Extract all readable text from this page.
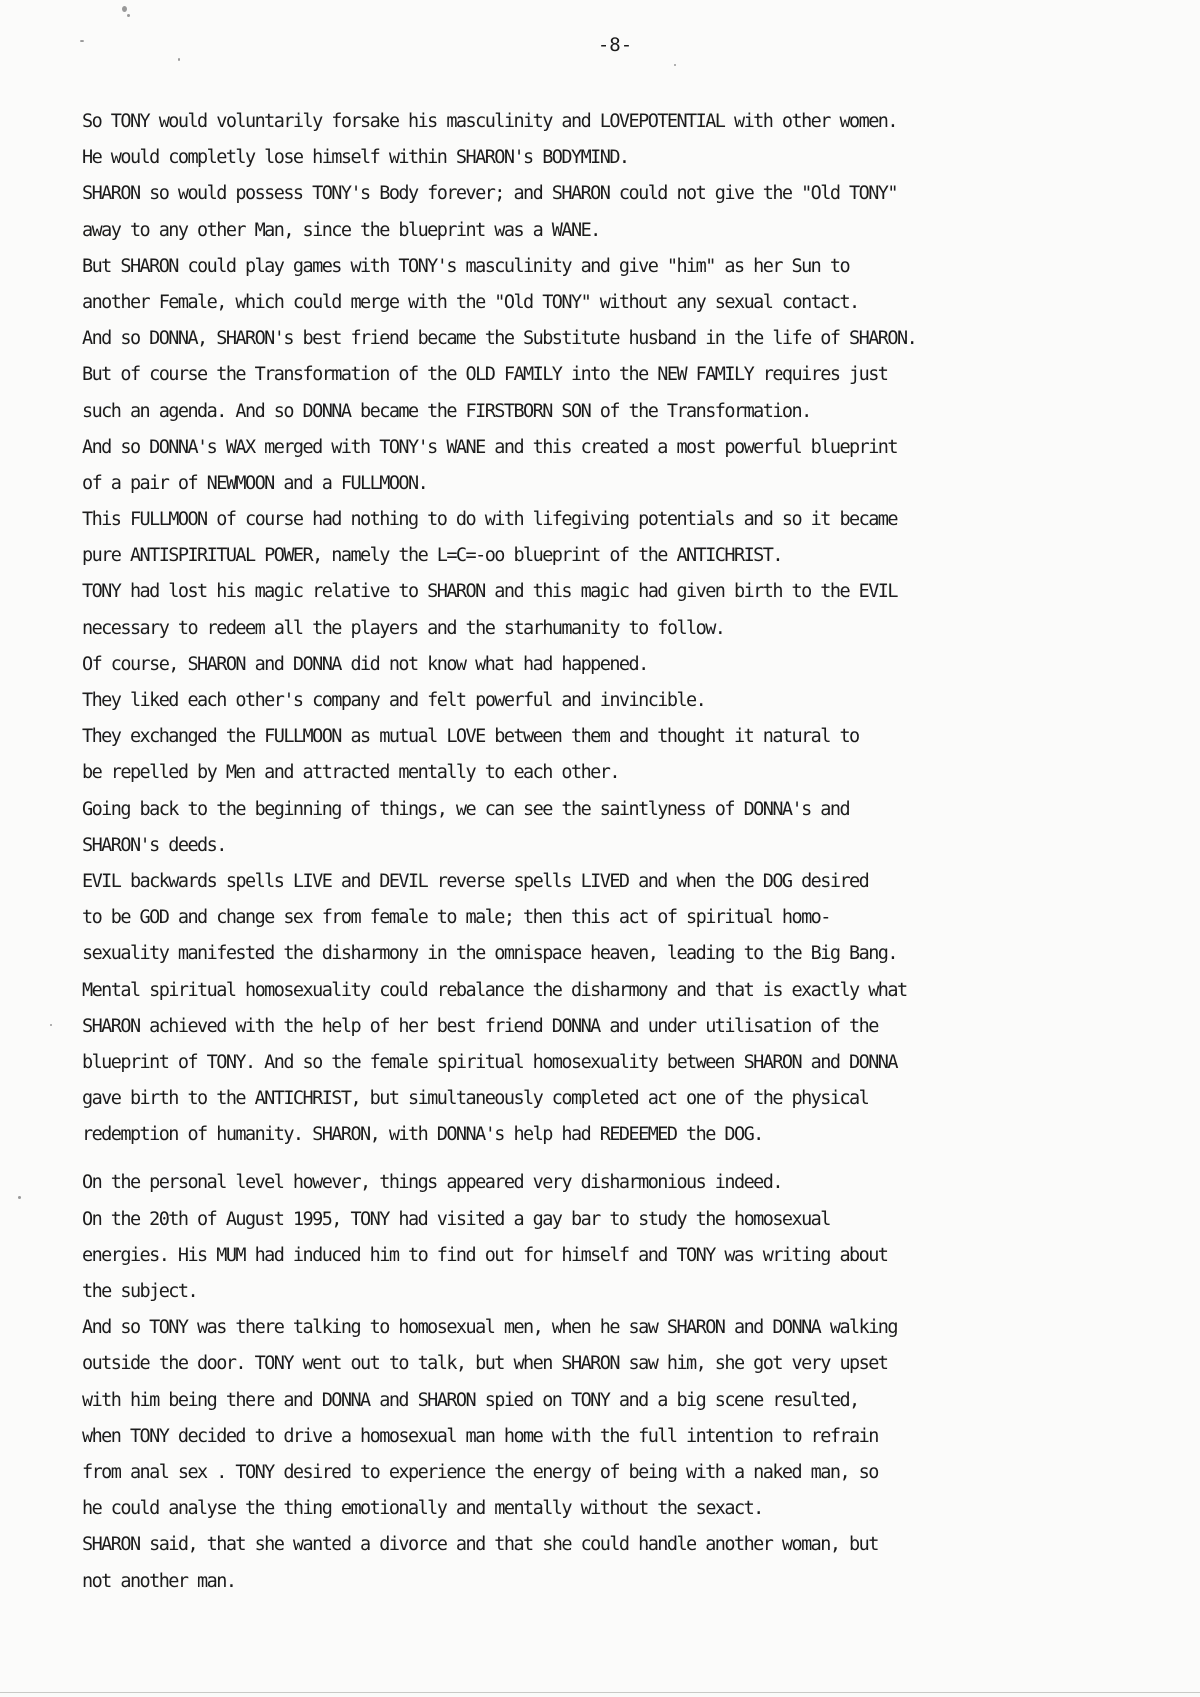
-8-
So TONY would voluntarily forsake his masculinity and LOVEPOTENTIAL with other women.
He would completly lose himself within SHARON's BODYMIND.
SHARON so would possess TONY's Body forever; and SHARON could not give the "Old TONY"
away to any other Man, since the blueprint was a WANE.
But SHARON could play games with TONY's masculinity and give "him" as her Sun to
another Female, which could merge with the "Old TONY" without any sexual contact.
And so DONNA, SHARON's best friend became the Substitute husband in the life of SHARON.
But of course the Transformation of the OLD FAMILY into the NEW FAMILY requires just
such an agenda. And so DONNA became the FIRSTBORN SON of the Transformation.
And so DONNA's WAX merged with TONY's WANE and this created a most powerful blueprint
of a pair of NEWMOON and a FULLMOON.
This FULLMOON of course had nothing to do with lifegiving potentials and so it became
pure ANTISPIRITUAL POWER, namely the L=C=-oo blueprint of the ANTICHRIST.
TONY had lost his magic relative to SHARON and this magic had given birth to the EVIL
necessary to redeem all the players and the starhumanity to follow.
Of course, SHARON and DONNA did not know what had happened.
They liked each other's company and felt powerful and invincible.
They exchanged the FULLMOON as mutual LOVE between them and thought it natural to
be repelled by Men and attracted mentally to each other.
Going back to the beginning of things, we can see the saintlyness of DONNA's and
SHARON's deeds.
EVIL backwards spells LIVE and DEVIL reverse spells LIVED and when the DOG desired
to be GOD and change sex from female to male; then this act of spiritual homo-
sexuality manifested the disharmony in the omnispace heaven, leading to the Big Bang.
Mental spiritual homosexuality could rebalance the disharmony and that is exactly what
SHARON achieved with the help of her best friend DONNA and under utilisation of the
blueprint of TONY. And so the female spiritual homosexuality between SHARON and DONNA
gave birth to the ANTICHRIST, but simultaneously completed act one of the physical
redemption of humanity. SHARON, with DONNA's help had REDEEMED the DOG.
On the personal level however, things appeared very disharmonious indeed.
On the 20th of August 1995, TONY had visited a gay bar to study the homosexual
energies. His MUM had induced him to find out for himself and TONY was writing about
the subject.
And so TONY was there talking to homosexual men, when he saw SHARON and DONNA walking
outside the door. TONY went out to talk, but when SHARON saw him, she got very upset
with him being there and DONNA and SHARON spied on TONY and a big scene resulted,
when TONY decided to drive a homosexual man home with the full intention to refrain
from anal sex . TONY desired to experience the energy of being with a naked man, so
he could analyse the thing emotionally and mentally without the sexact.
SHARON said, that she wanted a divorce and that she could handle another woman, but
not another man.
